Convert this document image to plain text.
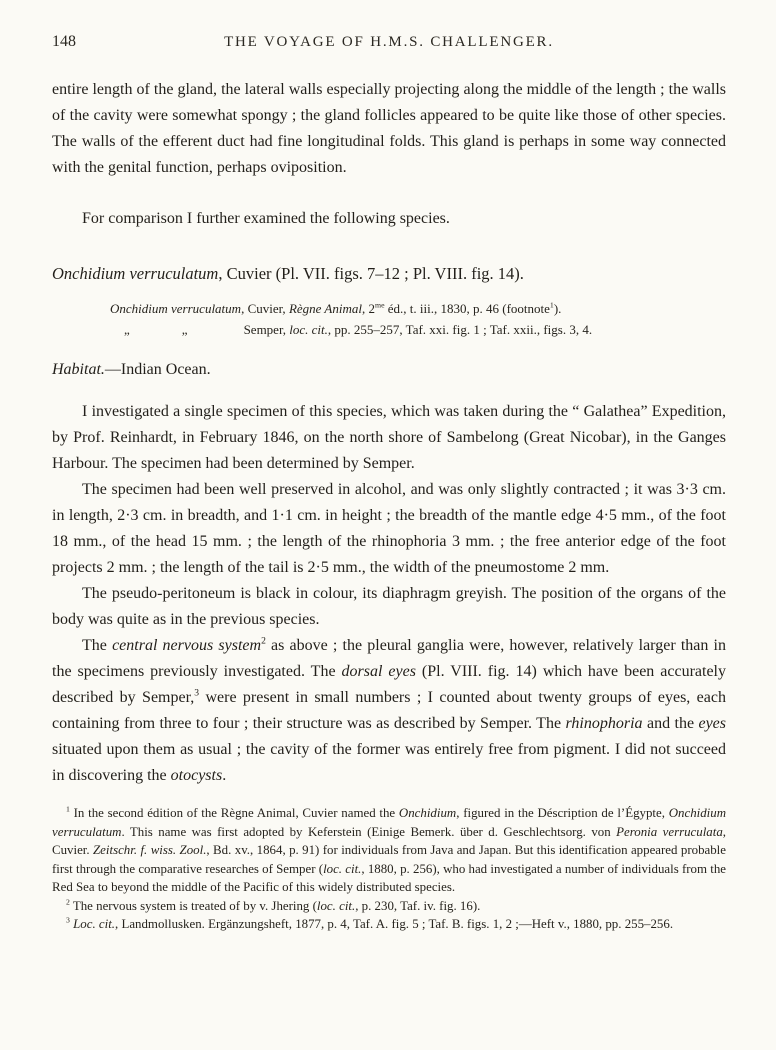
148	THE VOYAGE OF H.M.S. CHALLENGER.

entire length of the gland, the lateral walls especially projecting along the middle of the length ; the walls of the cavity were somewhat spongy ; the gland follicles appeared to be quite like those of other species. The walls of the efferent duct had fine longitudinal folds. This gland is perhaps in some way connected with the genital function, perhaps oviposition.

For comparison I further examined the following species.

Onchidium verruculatum, Cuvier (Pl. VII. figs. 7–12 ; Pl. VIII. fig. 14).

Onchidium verruculatum, Cuvier, Règne Animal, $2^{me}$ éd., t. iii., 1830, p. 46 (footnote$^1$).

„	„	Semper, loc. cit., pp. 255–257, Taf. xxi. fig. 1 ; Taf. xxii., figs. 3, 4.

Habitat.—Indian Ocean.

I investigated a single specimen of this species, which was taken during the “ Galathea” Expedition, by Prof. Reinhardt, in February 1846, on the north shore of Sambelong (Great Nicobar), in the Ganges Harbour. The specimen had been determined by Semper.

The specimen had been well preserved in alcohol, and was only slightly contracted ; it was 3·3 cm. in length, 2·3 cm. in breadth, and 1·1 cm. in height ; the breadth of the mantle edge 4·5 mm., of the foot 18 mm., of the head 15 mm. ; the length of the rhinophoria 3 mm. ; the free anterior edge of the foot projects 2 mm. ; the length of the tail is 2·5 mm., the width of the pneumostome 2 mm.

The pseudo-peritoneum is black in colour, its diaphragm greyish. The position of the organs of the body was quite as in the previous species.

The central nervous system$^2$ as above ; the pleural ganglia were, however, relatively larger than in the specimens previously investigated. The dorsal eyes (Pl. VIII. fig. 14) which have been accurately described by Semper,$^3$ were present in small numbers ; I counted about twenty groups of eyes, each containing from three to four ; their structure was as described by Semper. The rhinophoria and the eyes situated upon them as usual ; the cavity of the former was entirely free from pigment. I did not succeed in discovering the otocysts.

$^1$ In the second édition of the Règne Animal, Cuvier named the Onchidium, figured in the Déscription de l’Égypte, Onchidium verruculatum. This name was first adopted by Keferstein (Einige Bemerk. über d. Geschlechtsorg. von Peronia verruculata, Cuvier. Zeitschr. f. wiss. Zool., Bd. xv., 1864, p. 91) for individuals from Java and Japan. But this identification appeared probable first through the comparative researches of Semper (loc. cit., 1880, p. 256), who had investigated a number of individuals from the Red Sea to beyond the middle of the Pacific of this widely distributed species.

$^2$ The nervous system is treated of by v. Jhering (loc. cit., p. 230, Taf. iv. fig. 16).

$^3$ Loc. cit., Landmollusken. Ergänzungsheft, 1877, p. 4, Taf. A. fig. 5 ; Taf. B. figs. 1, 2 ;—Heft v., 1880, pp. 255–256.
